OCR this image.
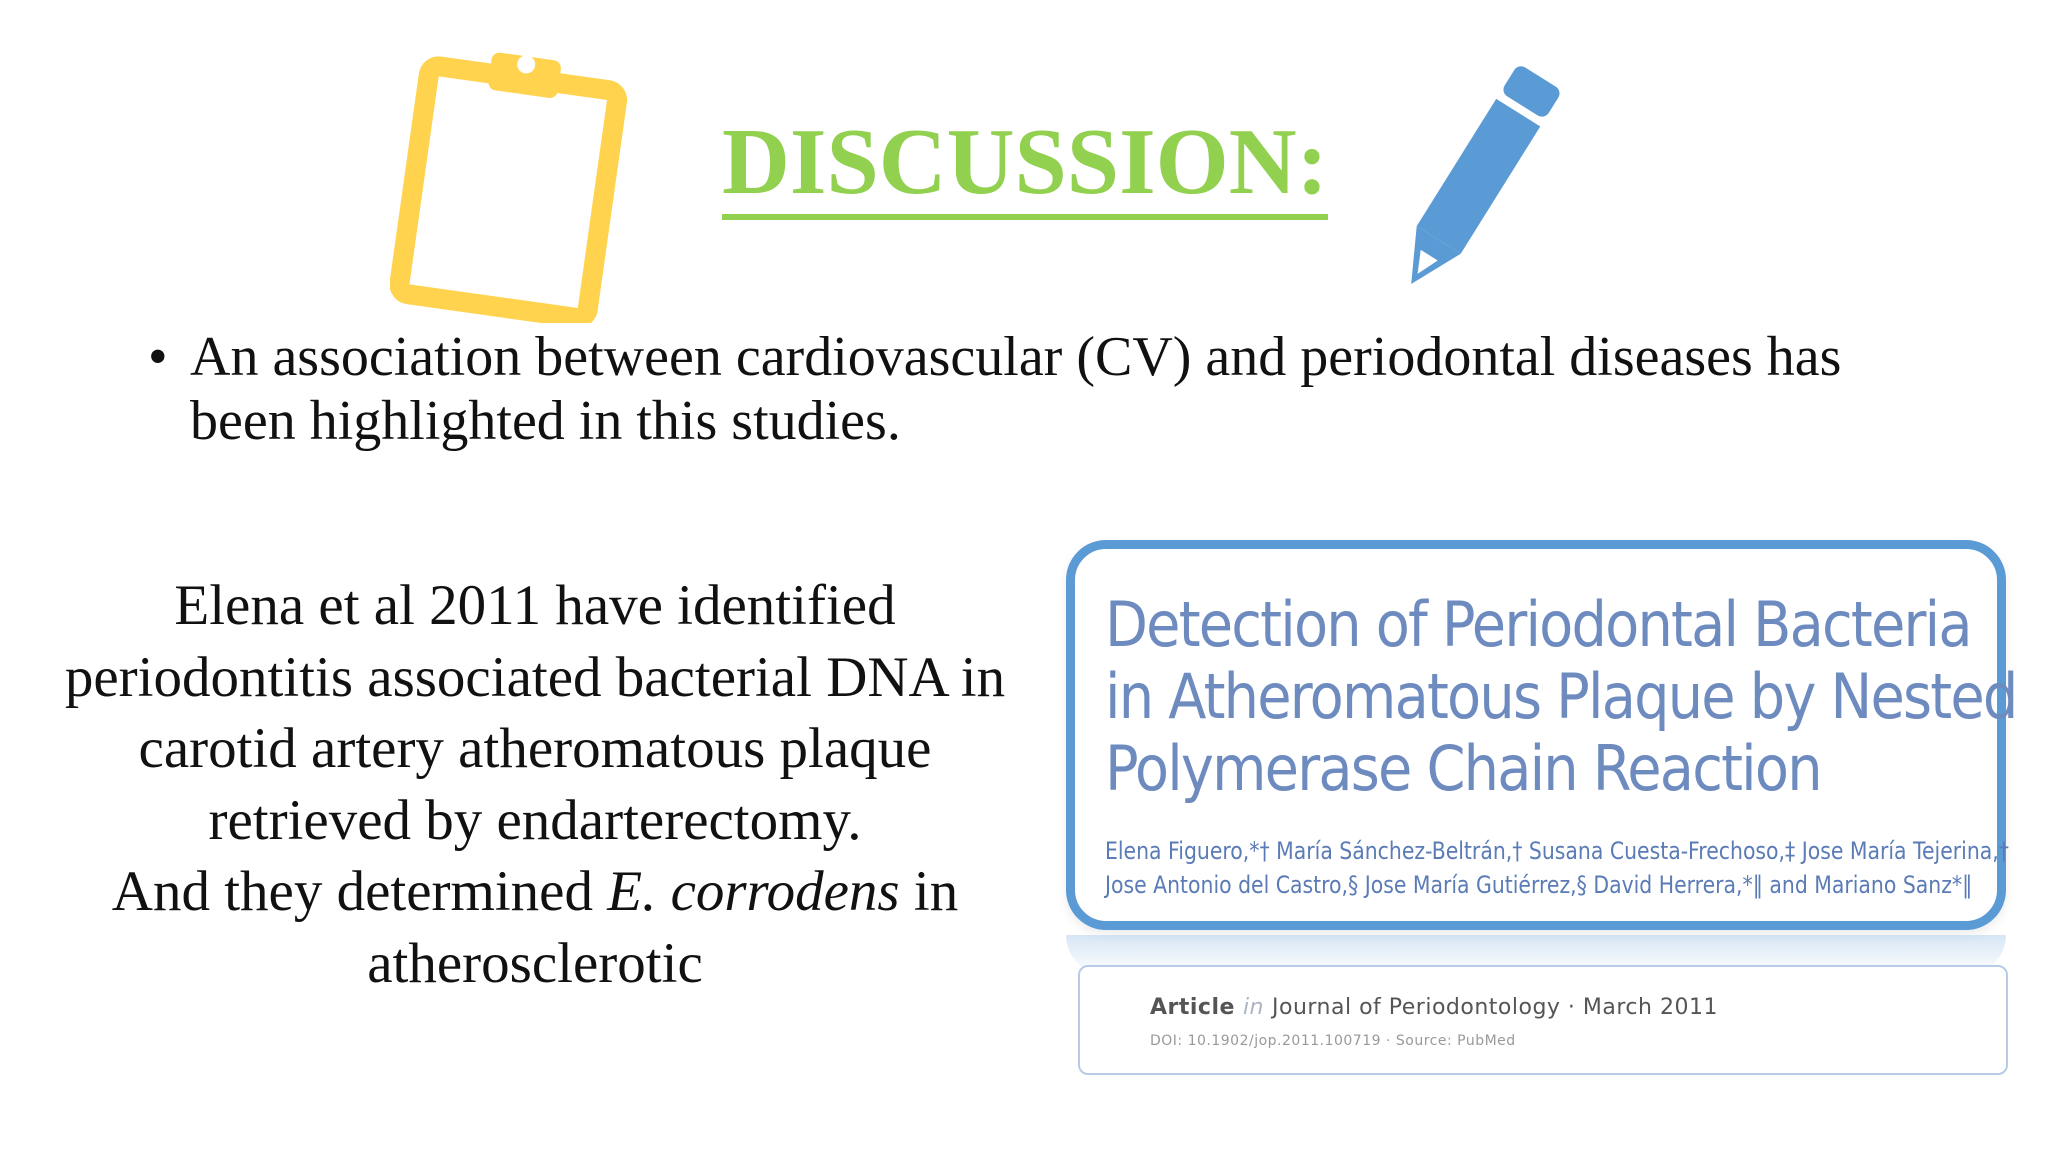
DISCUSSION:
• An association between cardiovascular (CV) and periodontal diseases has been highlighted in this studies.
Elena et al 2011 have identified
periodontitis associated bacterial DNA in
carotid artery atheromatous plaque
retrieved by endarterectomy.
And they determined E. corrodens in
atherosclerotic
Detection of Periodontal Bacteria
in Atheromatous Plaque by Nested
Polymerase Chain Reaction
Elena Figuero,*† María Sánchez-Beltrán,† Susana Cuesta-Frechoso,‡ Jose María Tejerina,†
Jose Antonio del Castro,§ Jose María Gutiérrez,§ David Herrera,*‖ and Mariano Sanz*‖
Article in Journal of Periodontology · March 2011
DOI: 10.1902/jop.2011.100719 · Source: PubMed
